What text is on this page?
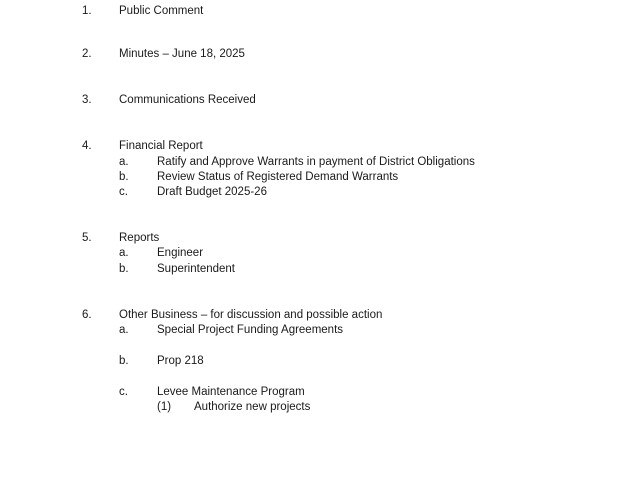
1. Public Comment
2. Minutes – June 18, 2025
3. Communications Received
4. Financial Report
a. Ratify and Approve Warrants in payment of District Obligations
b. Review Status of Registered Demand Warrants
c.	Draft Budget 2025-26
5. Reports
a. Engineer
b. Superintendent
6. Other Business – for discussion and possible action
a. Special Project Funding Agreements
b. Prop 218
c.	Levee Maintenance Program
(1) Authorize new projects
